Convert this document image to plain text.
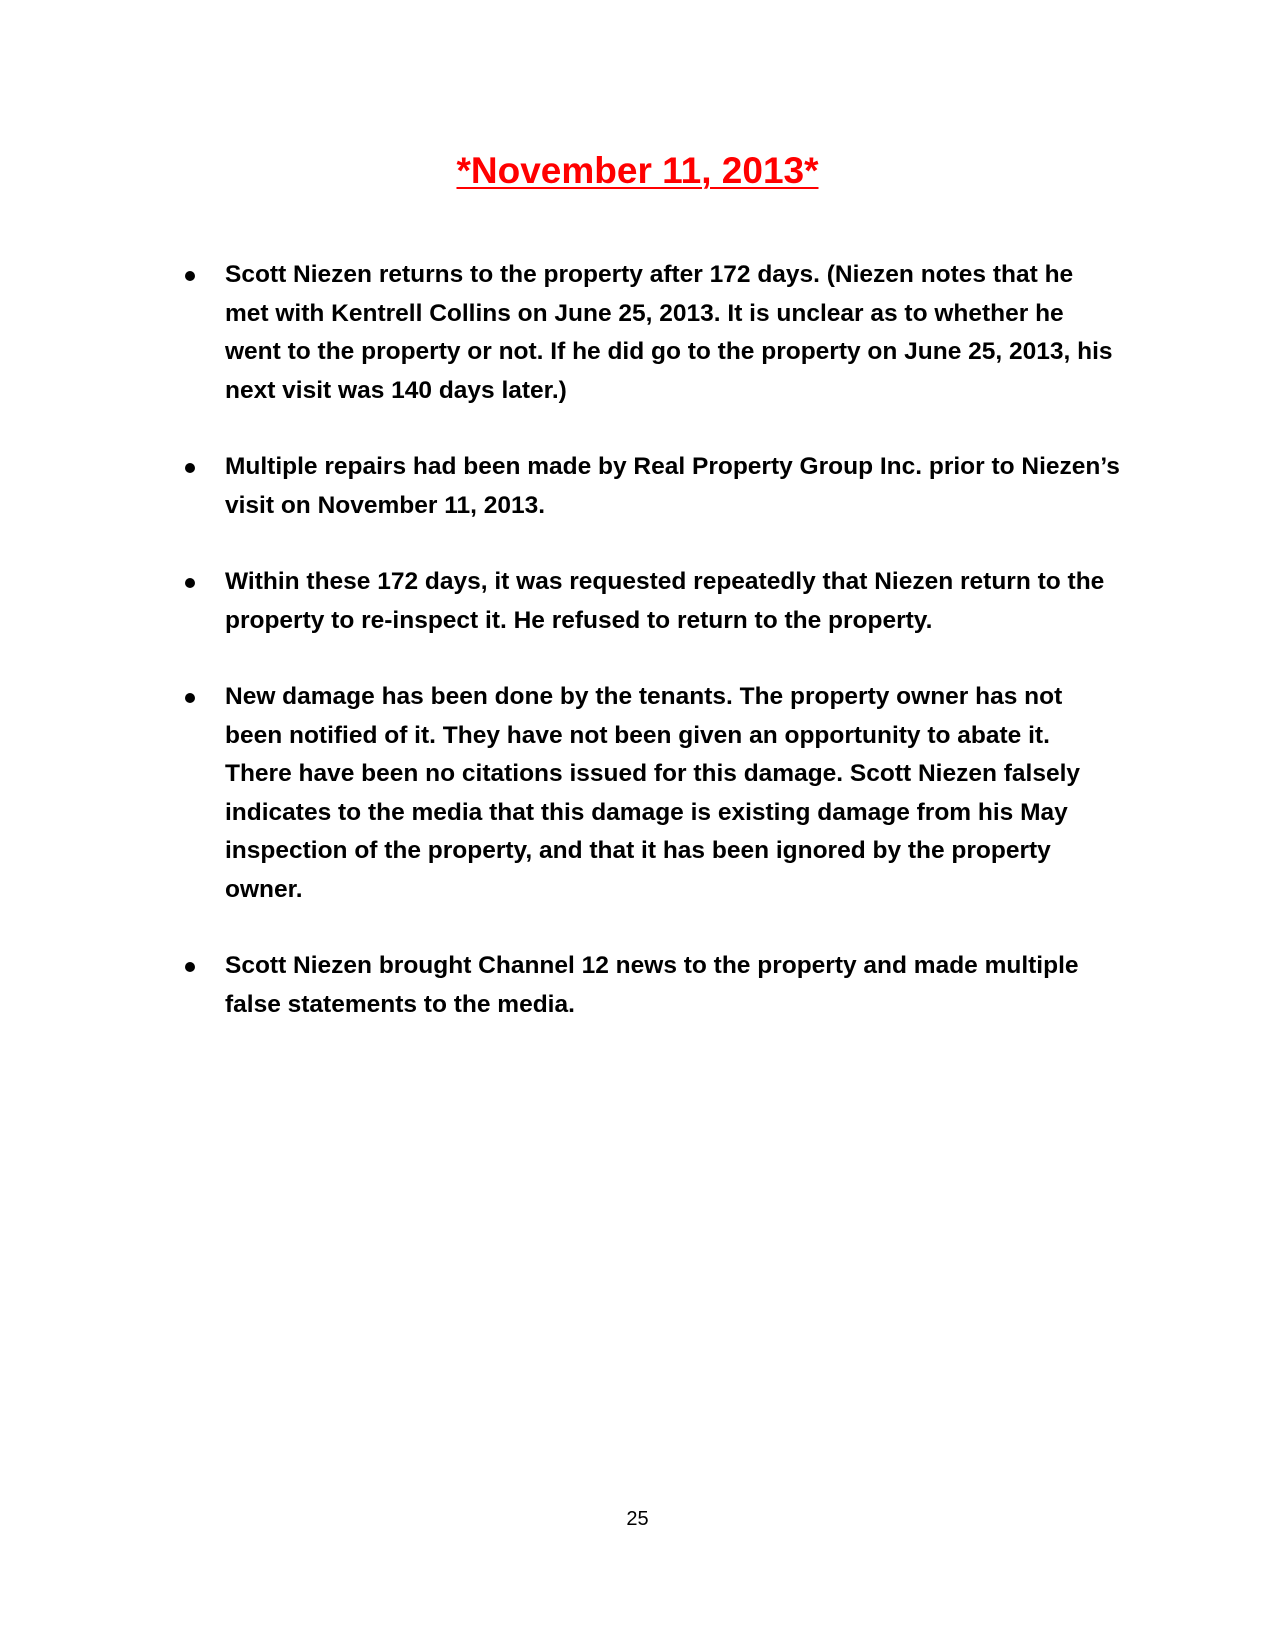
*November 11, 2013*
Scott Niezen returns to the property after 172 days. (Niezen notes that he met with Kentrell Collins on June 25, 2013. It is unclear as to whether he went to the property or not. If he did go to the property on June 25, 2013, his next visit was 140 days later.)
Multiple repairs had been made by Real Property Group Inc. prior to Niezen’s visit on November 11, 2013.
Within these 172 days, it was requested repeatedly that Niezen return to the property to re-inspect it. He refused to return to the property.
New damage has been done by the tenants. The property owner has not been notified of it. They have not been given an opportunity to abate it. There have been no citations issued for this damage. Scott Niezen falsely indicates to the media that this damage is existing damage from his May inspection of the property, and that it has been ignored by the property owner.
Scott Niezen brought Channel 12 news to the property and made multiple false statements to the media.
25
